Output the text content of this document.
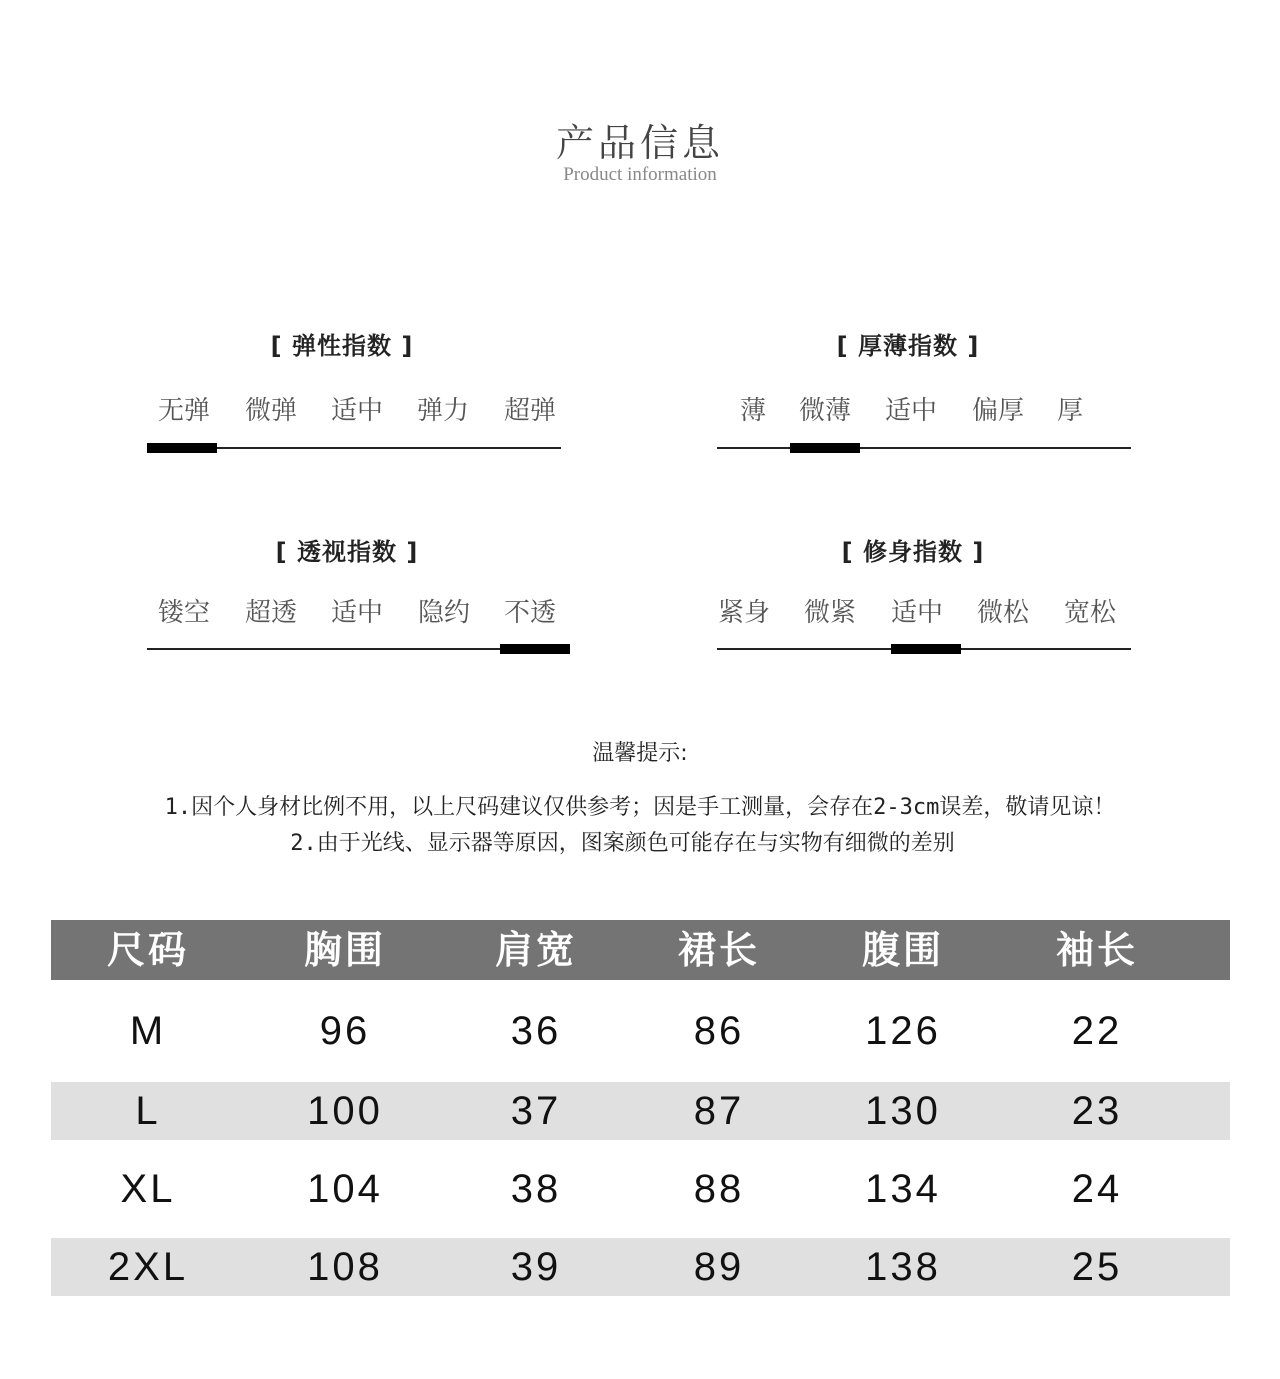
产品信息
Product information
[ 弹性指数 ]
无弹	微弹	适中	弹力	超弹
[ 厚薄指数 ]
薄	微薄	适中	偏厚	厚
[ 透视指数 ]
镂空	超透	适中	隐约	不透
[ 修身指数 ]
紧身	微紧	适中	微松	宽松
温馨提示:
1.因个人身材比例不用，以上尺码建议仅供参考；因是手工测量，会存在2-3cm误差，敬请见谅！
2.由于光线、显示器等原因，图案颜色可能存在与实物有细微的差别
尺码	胸围	肩宽	裙长	腹围	袖长
M	96	36	86	126	22
L	100	37	87	130	23
XL	104	38	88	134	24
2XL	108	39	89	138	25
